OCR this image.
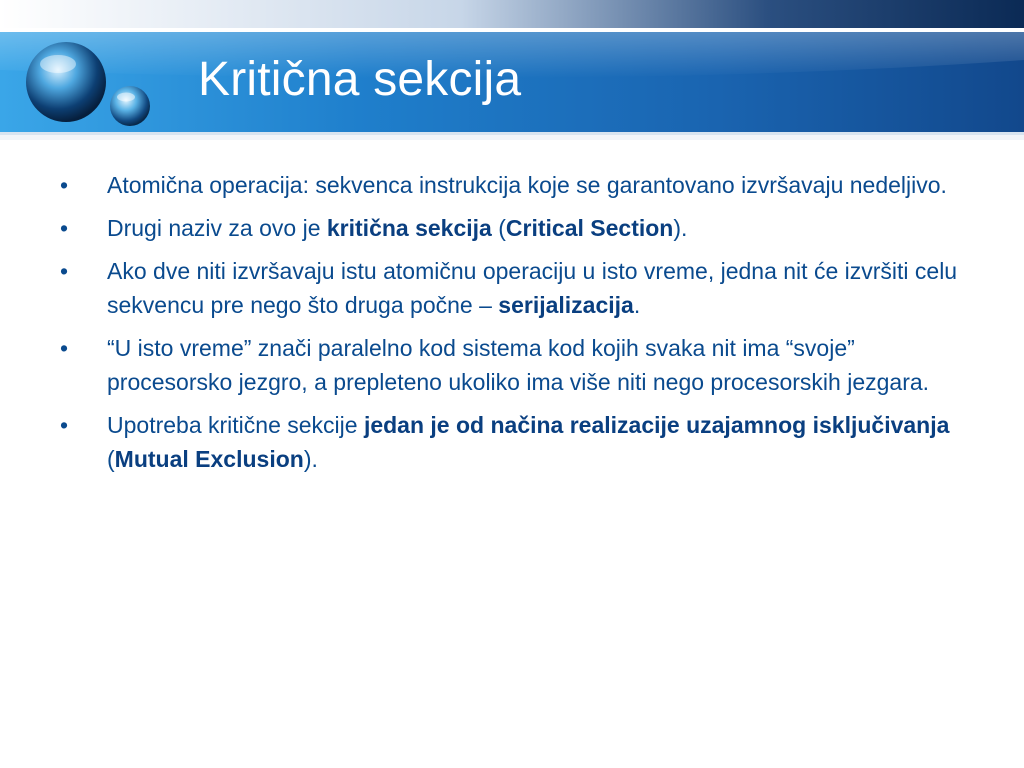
Kritična sekcija
•	Atomična operacija: sekvenca instrukcija koje se garantovano izvršavaju nedeljivo.
•	Drugi naziv za ovo je kritična sekcija (Critical Section).
•	Ako dve niti izvršavaju istu atomičnu operaciju u isto vreme, jedna nit će izvršiti celu sekvencu pre nego što druga počne – serijalizacija.
•	“U isto vreme” znači paralelno kod sistema kod kojih svaka nit ima “svoje” procesorsko jezgro, a prepleteno ukoliko ima više niti nego procesorskih jezgara.
•	Upotreba kritične sekcije jedan je od načina realizacije uzajamnog isključivanja (Mutual Exclusion).
